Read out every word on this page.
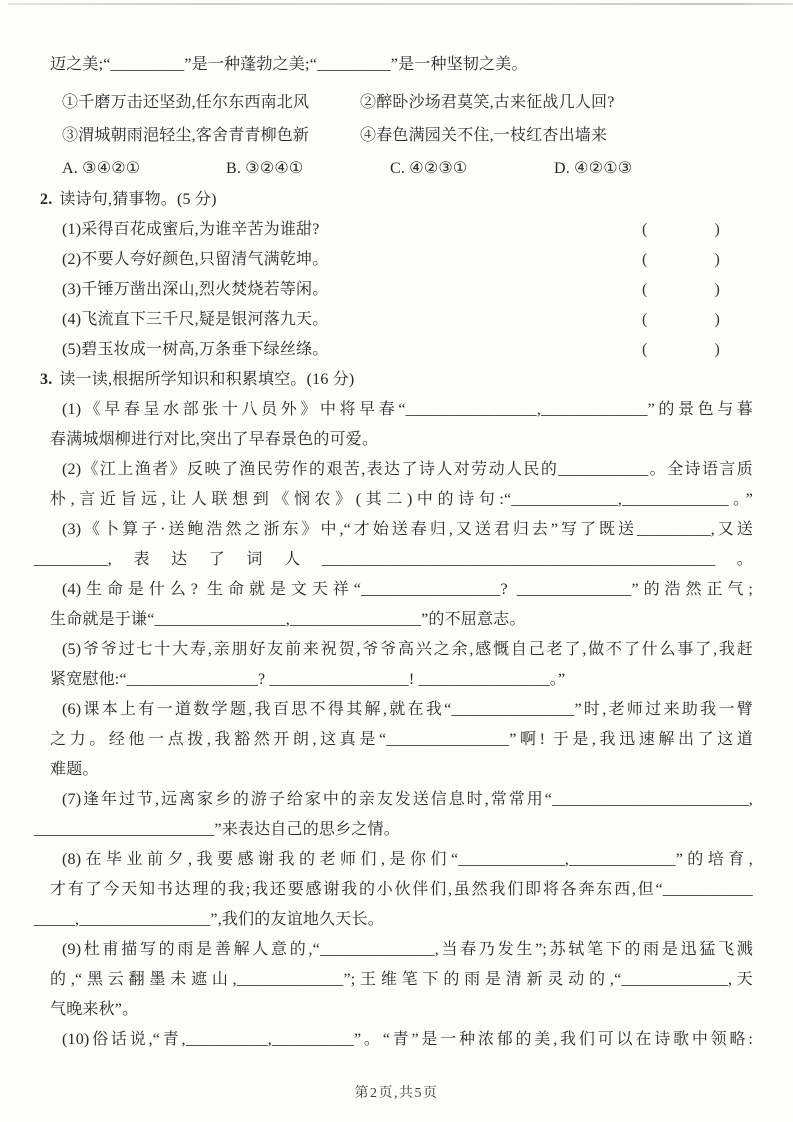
迈之美;“_________”是一种蓬勃之美;“_________”是一种坚韧之美。
①千磨万击还坚劲,任尔东西南北风	②醉卧沙场君莫笑,古来征战几人回?
③渭城朝雨浥轻尘,客舍青青柳色新	④春色满园关不住,一枝红杏出墙来
A. ③④②①	B. ③②④①	C. ④②③①	D. ④②①③
2. 读诗句,猜事物。(5 分)
(1)采得百花成蜜后,为谁辛苦为谁甜?	(	)
(2)不要人夸好颜色,只留清气满乾坤。	(	)
(3)千锤万凿出深山,烈火焚烧若等闲。	(	)
(4)飞流直下三千尺,疑是银河落九天。	(	)
(5)碧玉妆成一树高,万条垂下绿丝绦。	(	)
3. 读一读,根据所学知识和积累填空。(16 分)
(1)《早春呈水部张十八员外》中将早春“________________,_____________”的景色与暮
春满城烟柳进行对比,突出了早春景色的可爱。
(2)《江上渔者》反映了渔民劳作的艰苦,表达了诗人对劳动人民的___________。全诗语言质
朴,言近旨远,让人联想到《悯农》(其二)中的诗句:“_____________,_____________。”
(3)《卜算子·送鲍浩然之浙东》中,“才始送春归,又送君归去”写了既送_________,又送
_________,表达了词人________________________________________________。
(4)生命是什么? 生命就是文天祥“_________________? ______________”的浩然正气;
生命就是于谦“________________,________________”的不屈意志。
(5)爷爷过七十大寿,亲朋好友前来祝贺,爷爷高兴之余,感慨自己老了,做不了什么事了,我赶
紧宽慰他:“________________? _________________! ________________。”
(6)课本上有一道数学题,我百思不得其解,就在我“_______________”时,老师过来助我一臂
之力。经他一点拨,我豁然开朗,这真是“_______________”啊! 于是,我迅速解出了这道
难题。
(7)逢年过节,远离家乡的游子给家中的亲友发送信息时,常常用“________________________,
______________________”来表达自己的思乡之情。
(8)在毕业前夕,我要感谢我的老师们,是你们“_____________,_____________”的培育,
才有了今天知书达理的我;我还要感谢我的小伙伴们,虽然我们即将各奔东西,但“___________
_____,________________”,我们的友谊地久天长。
(9)杜甫描写的雨是善解人意的,“______________,当春乃发生”;苏轼笔下的雨是迅猛飞溅
的,“黑云翻墨未遮山,_____________”;王维笔下的雨是清新灵动的,“_____________,天
气晚来秋”。
(10)俗话说,“青,__________,__________”。“青”是一种浓郁的美,我们可以在诗歌中领略:
第2页,共5页
